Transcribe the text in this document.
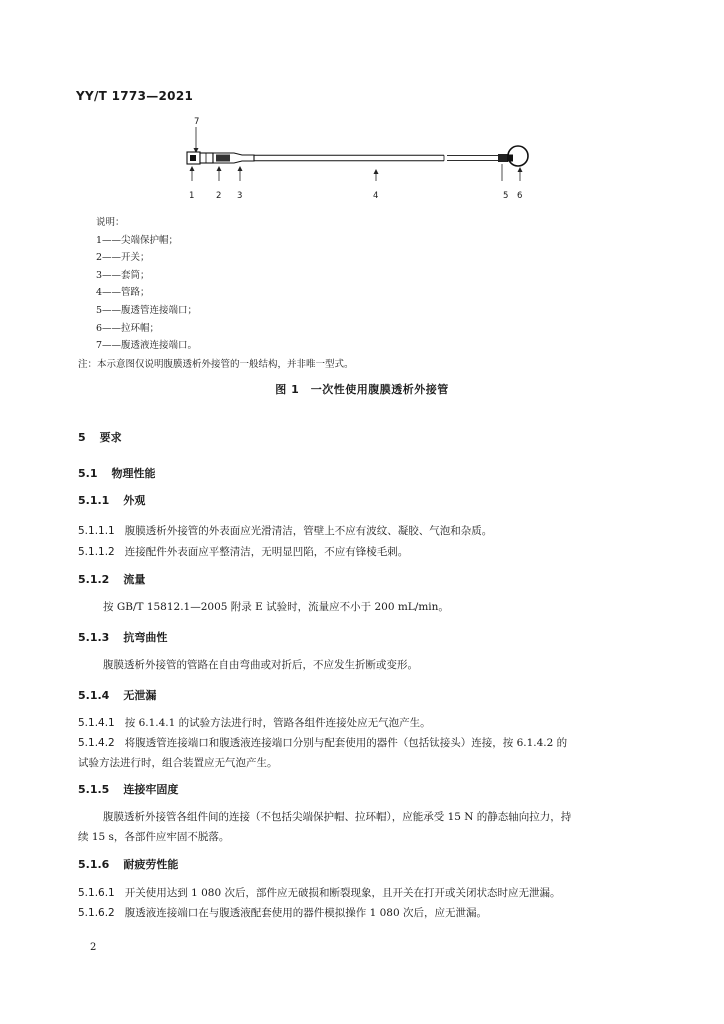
YY/T 1773—2021
7
1	2 3	4	5 6
说明：
1——尖端保护帽；
2——开关；
3——套筒；
4——管路；
5——腹透管连接端口；
6——拉环帽；
7——腹透液连接端口。
注：本示意图仅说明腹膜透析外接管的一般结构，并非唯一型式。
图 1　一次性使用腹膜透析外接管
5 要求
5.1 物理性能
5.1.1 外观
5.1.1.1 腹膜透析外接管的外表面应光滑清洁，管壁上不应有波纹、凝胶、气泡和杂质。
5.1.1.2 连接配件外表面应平整清洁，无明显凹陷，不应有锋棱毛刺。
5.1.2 流量
按 GB/T 15812.1—2005 附录 E 试验时，流量应不小于 200 mL/min。
5.1.3 抗弯曲性
腹膜透析外接管的管路在自由弯曲或对折后，不应发生折断或变形。
5.1.4 无泄漏
5.1.4.1 按 6.1.4.1 的试验方法进行时，管路各组件连接处应无气泡产生。
5.1.4.2 将腹透管连接端口和腹透液连接端口分别与配套使用的器件（包括钛接头）连接，按 6.1.4.2 的
试验方法进行时，组合装置应无气泡产生。
5.1.5 连接牢固度
腹膜透析外接管各组件间的连接（不包括尖端保护帽、拉环帽），应能承受 15 N 的静态轴向拉力，持
续 15 s，各部件应牢固不脱落。
5.1.6 耐疲劳性能
5.1.6.1 开关使用达到 1 080 次后，部件应无破损和断裂现象，且开关在打开或关闭状态时应无泄漏。
5.1.6.2 腹透液连接端口在与腹透液配套使用的器件模拟操作 1 080 次后，应无泄漏。
2
